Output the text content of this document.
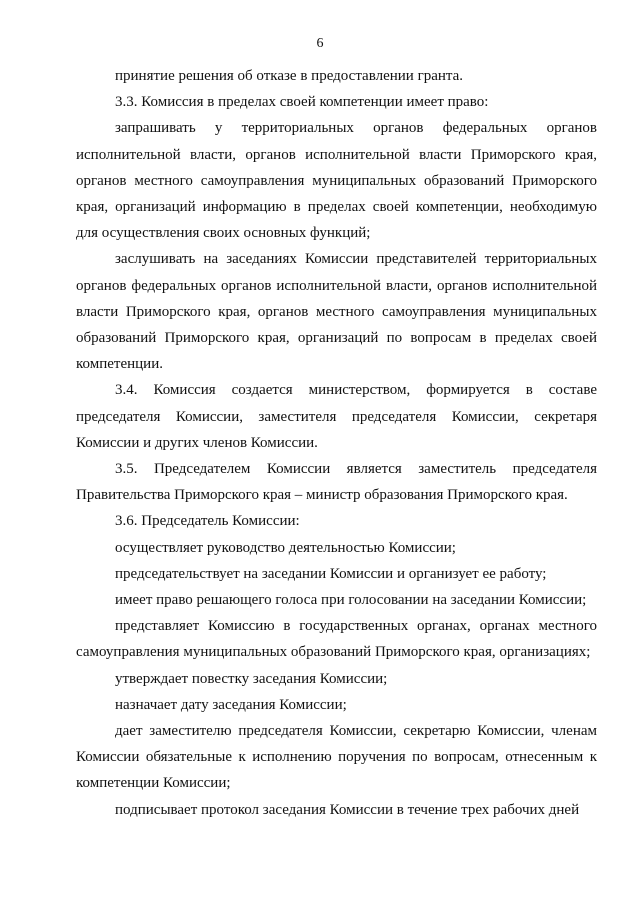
6

принятие решения об отказе в предоставлении гранта.

3.3. Комиссия в пределах своей компетенции имеет право:

запрашивать у территориальных органов федеральных органов исполнительной власти, органов исполнительной власти Приморского края, органов местного самоуправления муниципальных образований Приморского края, организаций информацию в пределах своей компетенции, необходимую для осуществления своих основных функций;

заслушивать на заседаниях Комиссии представителей территориальных органов федеральных органов исполнительной власти, органов исполнительной власти Приморского края, органов местного самоуправления муниципальных образований Приморского края, организаций по вопросам в пределах своей компетенции.

3.4. Комиссия создается министерством, формируется в составе председателя Комиссии, заместителя председателя Комиссии, секретаря Комиссии и других членов Комиссии.

3.5. Председателем Комиссии является заместитель председателя Правительства Приморского края – министр образования Приморского края.

3.6. Председатель Комиссии:

осуществляет руководство деятельностью Комиссии;

председательствует на заседании Комиссии и организует ее работу;

имеет право решающего голоса при голосовании на заседании Комиссии;

представляет Комиссию в государственных органах, органах местного самоуправления муниципальных образований Приморского края, организациях;

утверждает повестку заседания Комиссии;

назначает дату заседания Комиссии;

дает заместителю председателя Комиссии, секретарю Комиссии, членам Комиссии обязательные к исполнению поручения по вопросам, отнесенным к компетенции Комиссии;

подписывает протокол заседания Комиссии в течение трех рабочих дней
